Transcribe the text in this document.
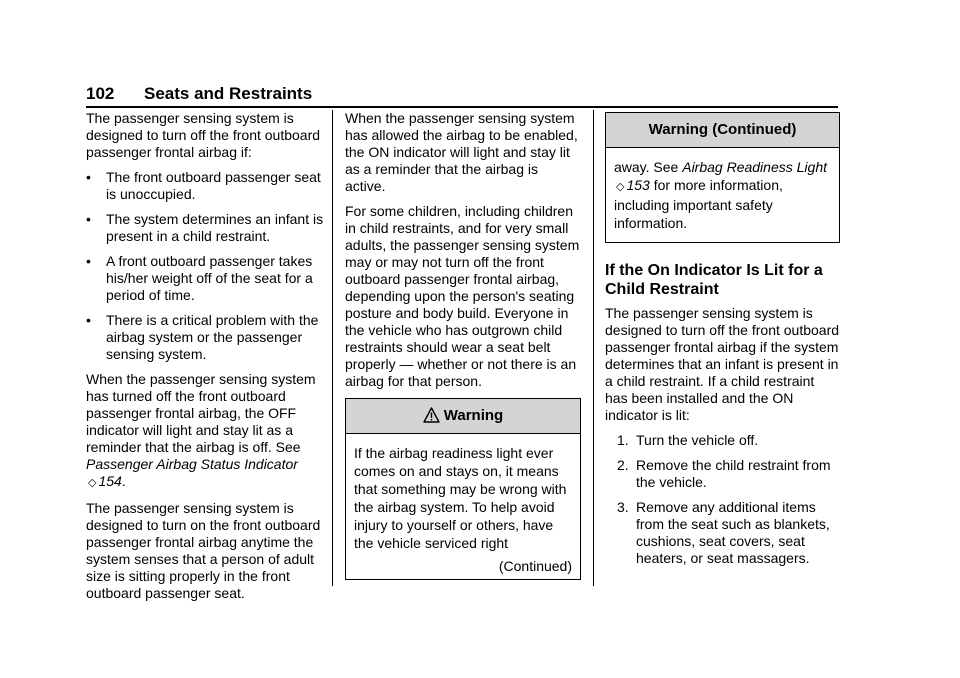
102 Seats and Restraints

The passenger sensing system is designed to turn off the front outboard passenger frontal airbag if:

• The front outboard passenger seat is unoccupied.
• The system determines an infant is present in a child restraint.
• A front outboard passenger takes his/her weight off of the seat for a period of time.
• There is a critical problem with the airbag system or the passenger sensing system.

When the passenger sensing system has turned off the front outboard passenger frontal airbag, the OFF indicator will light and stay lit as a reminder that the airbag is off. See Passenger Airbag Status Indicator ◇ 154.

The passenger sensing system is designed to turn on the front outboard passenger frontal airbag anytime the system senses that a person of adult size is sitting properly in the front outboard passenger seat.

When the passenger sensing system has allowed the airbag to be enabled, the ON indicator will light and stay lit as a reminder that the airbag is active.

For some children, including children in child restraints, and for very small adults, the passenger sensing system may or may not turn off the front outboard passenger frontal airbag, depending upon the person's seating posture and body build. Everyone in the vehicle who has outgrown child restraints should wear a seat belt properly — whether or not there is an airbag for that person.

Warning

If the airbag readiness light ever comes on and stays on, it means that something may be wrong with the airbag system. To help avoid injury to yourself or others, have the vehicle serviced right

(Continued)
Warning (Continued)

away. See Airbag Readiness Light ◇ 153 for more information, including important safety information.

If the On Indicator Is Lit for a Child Restraint

The passenger sensing system is designed to turn off the front outboard passenger frontal airbag if the system determines that an infant is present in a child restraint. If a child restraint has been installed and the ON indicator is lit:

1. Turn the vehicle off.
2. Remove the child restraint from the vehicle.
3. Remove any additional items from the seat such as blankets, cushions, seat covers, seat heaters, or seat massagers.
